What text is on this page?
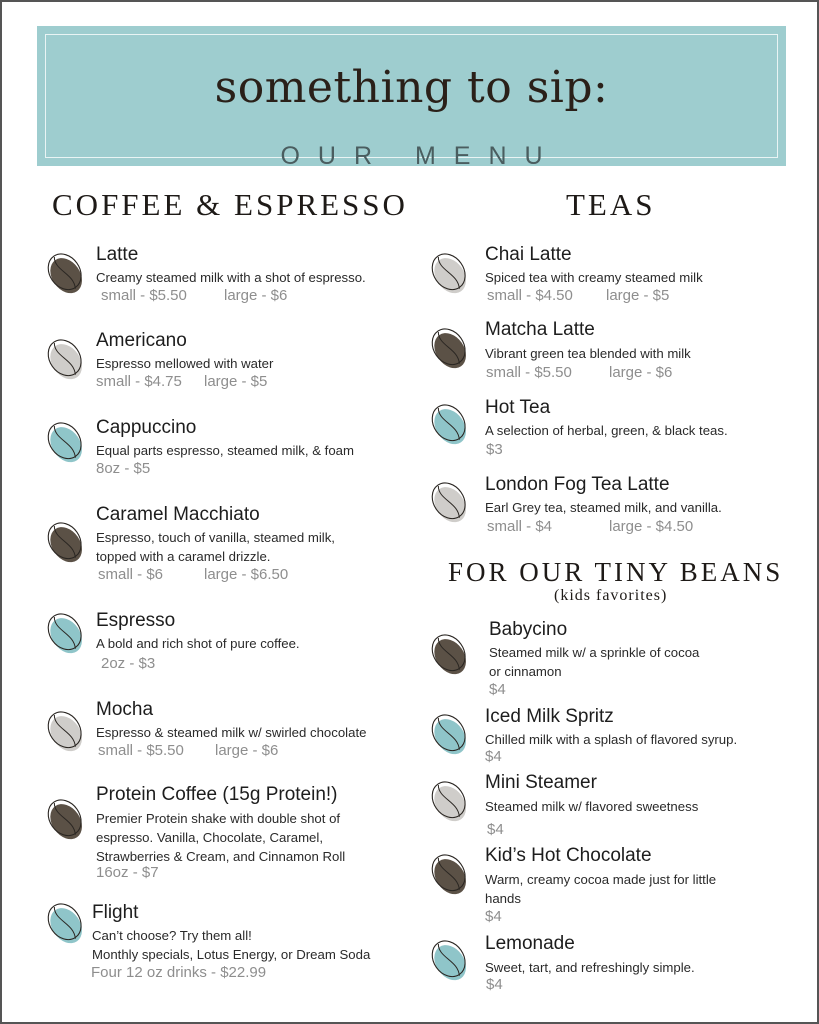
something to sip:
OUR MENU
COFFEE & ESPRESSO	TEAS
FOR OUR TINY BEANS
(kids favorites)
Latte
Creamy steamed milk with a shot of espresso.
small - $5.50 large - $6
Americano
Espresso mellowed with water
small - $4.75 large - $5
Cappuccino
Equal parts espresso, steamed milk, & foam
8oz - $5
Caramel Macchiato
Espresso, touch of vanilla, steamed milk,
topped with a caramel drizzle.
small - $6	large - $6.50
Espresso
A bold and rich shot of pure coffee.
2oz - $3
Mocha
Espresso & steamed milk w/ swirled chocolate
small - $5.50 large - $6
Protein Coffee (15g Protein!)
Premier Protein shake with double shot of
espresso. Vanilla, Chocolate, Caramel,
Strawberries & Cream, and Cinnamon Roll
16oz - $7
Flight
Can’t choose? Try them all!
Monthly specials, Lotus Energy, or Dream Soda
Four 12 oz drinks - $22.99
Chai Latte
Spiced tea with creamy steamed milk
small - $4.50 large - $5
Matcha Latte
Vibrant green tea blended with milk
small - $5.50 large - $6
Hot Tea
A selection of herbal, green, & black teas.
$3
London Fog Tea Latte
Earl Grey tea, steamed milk, and vanilla.
small - $4	large - $4.50
Babycino
Steamed milk w/ a sprinkle of cocoa
or cinnamon
$4
Iced Milk Spritz
Chilled milk with a splash of flavored syrup.
$4
Mini Steamer
Steamed milk w/ flavored sweetness
$4
Kid’s Hot Chocolate
Warm, creamy cocoa made just for little
hands
$4
Lemonade
Sweet, tart, and refreshingly simple.
$4
